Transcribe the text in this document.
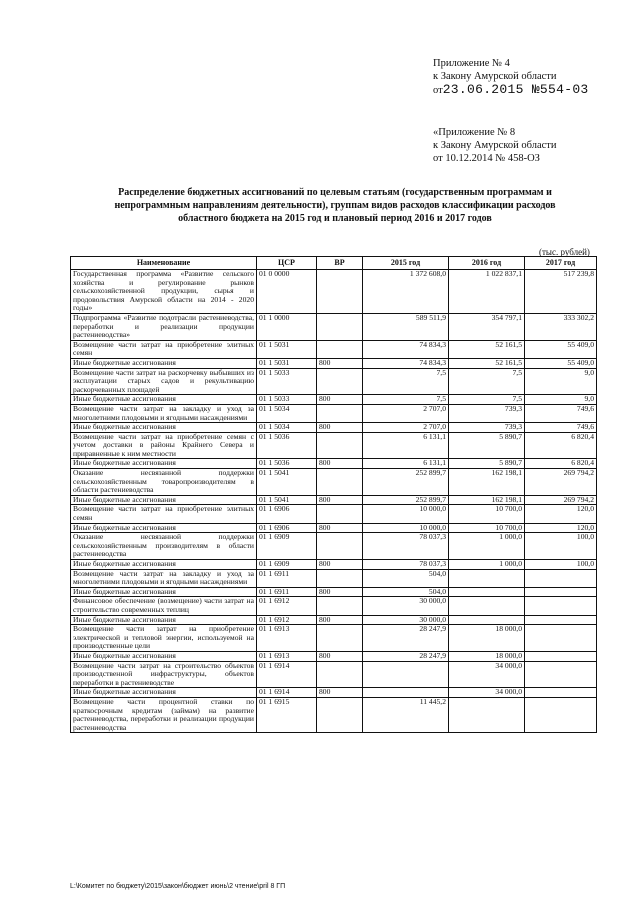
Приложение № 4
к Закону Амурской области
от23.06.2015 №554-03
«Приложение № 8
к Закону Амурской области
от 10.12.2014 № 458-ОЗ
Распределение бюджетных ассигнований по целевым статьям (государственным программам и непрограммным направлениям деятельности), группам видов расходов классификации расходов областного бюджета на 2015 год и плановый период 2016 и 2017 годов
(тыс. рублей)
Наименование	ЦСР	ВР	2015 год	2016 год	2017 год
Государственная программа «Развитие сельского хозяйства и регулирование рынков сельскохозяйственной продукции, сырья и продовольствия Амурской области на 2014 - 2020 годы»	01 0 0000		1 372 608,0	1 022 837,1	517 239,8
Подпрограмма «Развитие подотрасли растениеводства, переработки и реализации продукции растениеводства»	01 1 0000		589 511,9	354 797,1	333 302,2
Возмещение части затрат на приобретение элитных семян	01 1 5031		74 834,3	52 161,5	55 409,0
Иные бюджетные ассигнования	01 1 5031	800	74 834,3	52 161,5	55 409,0
Возмещение части затрат на раскорчевку выбывших из эксплуатации старых садов и рекультивацию раскорчеванных площадей	01 1 5033		7,5	7,5	9,0
Иные бюджетные ассигнования	01 1 5033	800	7,5	7,5	9,0
Возмещение части затрат на закладку и уход за многолетними плодовыми и ягодными насаждениями	01 1 5034		2 707,0	739,3	749,6
Иные бюджетные ассигнования	01 1 5034	800	2 707,0	739,3	749,6
Возмещение части затрат на приобретение семян с учетом доставки в районы Крайнего Севера и приравненные к ним местности	01 1 5036		6 131,1	5 890,7	6 820,4
Иные бюджетные ассигнования	01 1 5036	800	6 131,1	5 890,7	6 820,4
Оказание несвязанной поддержки сельскохозяйственным товаропроизводителям в области растениеводства	01 1 5041		252 899,7	162 198,1	269 794,2
Иные бюджетные ассигнования	01 1 5041	800	252 899,7	162 198,1	269 794,2
Возмещение части затрат на приобретение элитных семян	01 1 6906		10 000,0	10 700,0	120,0
Иные бюджетные ассигнования	01 1 6906	800	10 000,0	10 700,0	120,0
Оказание несвязанной поддержки сельскохозяйственным производителям в области растениеводства	01 1 6909		78 037,3	1 000,0	100,0
Иные бюджетные ассигнования	01 1 6909	800	78 037,3	1 000,0	100,0
Возмещение части затрат на закладку и уход за многолетними плодовыми и ягодными насаждениями	01 1 6911		504,0		
Иные бюджетные ассигнования	01 1 6911	800	504,0		
Финансовое обеспечение (возмещение) части затрат на строительство современных теплиц	01 1 6912		30 000,0		
Иные бюджетные ассигнования	01 1 6912	800	30 000,0		
Возмещение части затрат на приобретение электрической и тепловой энергии, используемой на производственные цели	01 1 6913		28 247,9	18 000,0	
Иные бюджетные ассигнования	01 1 6913	800	28 247,9	18 000,0	
Возмещение части затрат на строительство объектов производственной инфраструктуры, объектов переработки в растениеводстве	01 1 6914			34 000,0	
Иные бюджетные ассигнования	01 1 6914	800		34 000,0	
Возмещение части процентной ставки по краткосрочным кредитам (займам) на развитие растениеводства, переработки и реализации продукции растениеводства	01 1 6915		11 445,2		
L:\Комитет по бюджету\2015\закон\бюджет июнь\2 чтение\pril 8 ГП
